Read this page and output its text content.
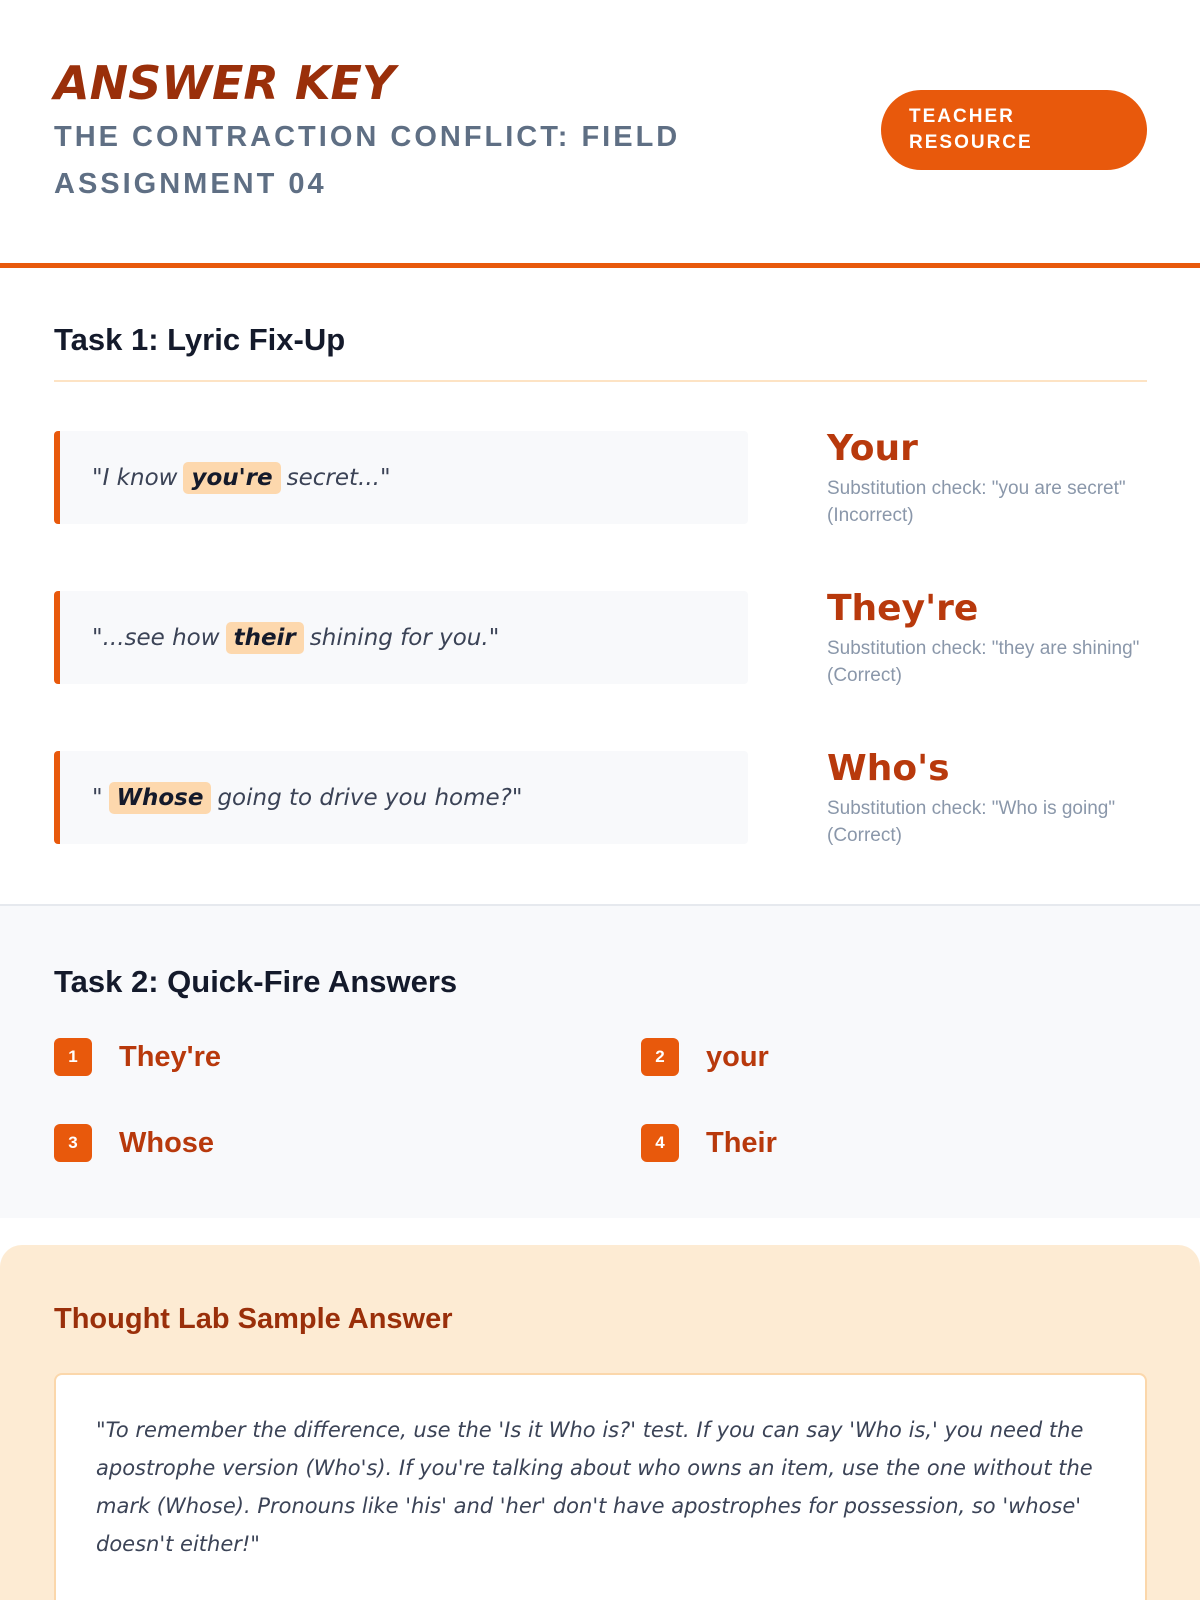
ANSWER KEY
THE CONTRACTION CONFLICT: FIELD ASSIGNMENT 04
TEACHER RESOURCE
Task 1: Lyric Fix-Up
"I know you're secret..."
Your
Substitution check: "you are secret" (Incorrect)
"...see how their shining for you."
They're
Substitution check: "they are shining" (Correct)
" Whose going to drive you home?"
Who's
Substitution check: "Who is going" (Correct)
Task 2: Quick-Fire Answers
1	They're	2	your
3	Whose	4	Their
Thought Lab Sample Answer
"To remember the difference, use the 'Is it Who is?' test. If you can say 'Who is,' you need the apostrophe version (Who's). If you're talking about who owns an item, use the one without the mark (Whose). Pronouns like 'his' and 'her' don't have apostrophes for possession, so 'whose' doesn't either!"
